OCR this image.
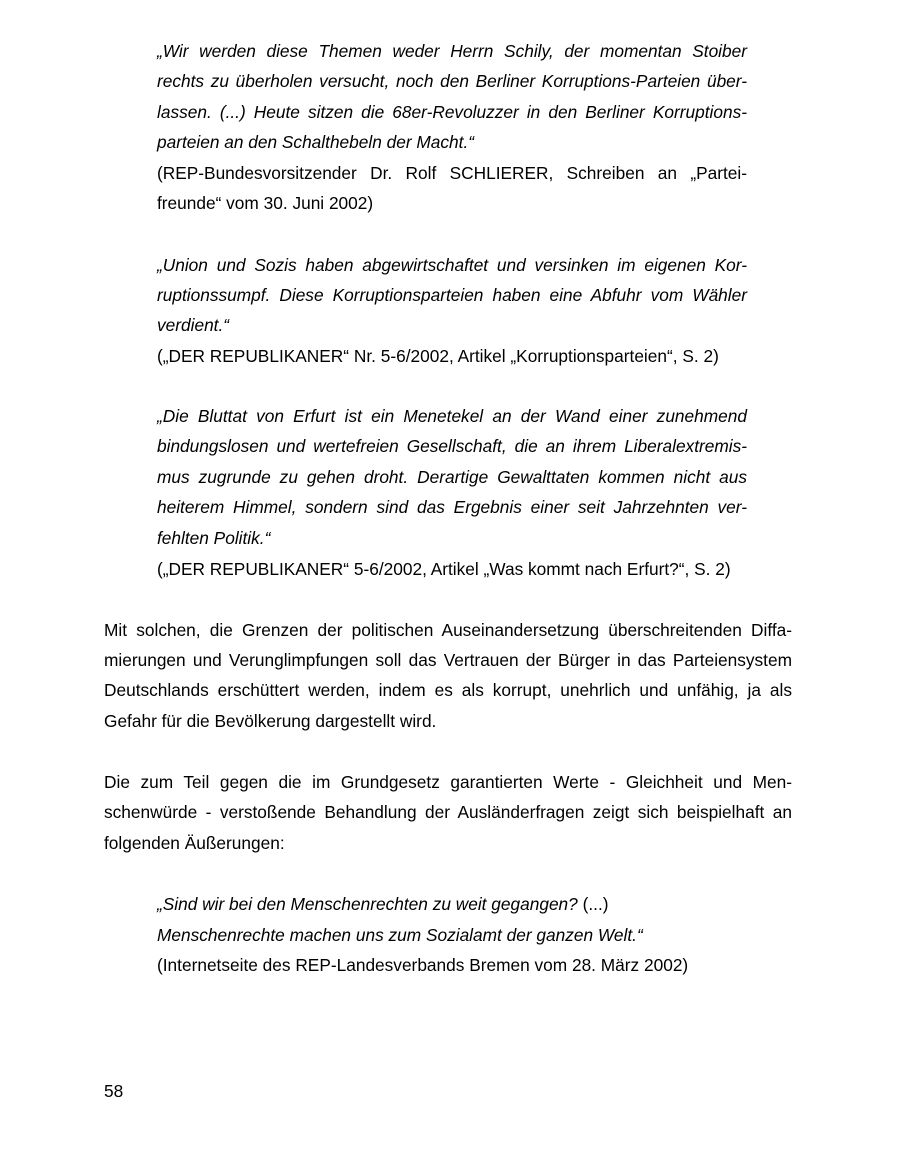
„Wir werden diese Themen weder Herrn Schily, der momentan Stoiber
rechts zu überholen versucht, noch den Berliner Korruptions-Parteien über-
lassen. (...) Heute sitzen die 68er-Revoluzzer in den Berliner Korruptions-
parteien an den Schalthebeln der Macht.“
(REP-Bundesvorsitzender Dr. Rolf SCHLIERER, Schreiben an „Partei-
freunde“ vom 30. Juni 2002)
„Union und Sozis haben abgewirtschaftet und versinken im eigenen Kor-
ruptionssumpf. Diese Korruptionsparteien haben eine Abfuhr vom Wähler
verdient.“
(„DER REPUBLIKANER“ Nr. 5-6/2002, Artikel „Korruptionsparteien“, S. 2)
„Die Bluttat von Erfurt ist ein Menetekel an der Wand einer zunehmend
bindungslosen und wertefreien Gesellschaft, die an ihrem Liberalextremis-
mus zugrunde zu gehen droht. Derartige Gewalttaten kommen nicht aus
heiterem Himmel, sondern sind das Ergebnis einer seit Jahrzehnten ver-
fehlten Politik.“
(„DER REPUBLIKANER“ 5-6/2002, Artikel „Was kommt nach Erfurt?“, S. 2)
Mit solchen, die Grenzen der politischen Auseinandersetzung überschreitenden Diffa-
mierungen und Verunglimpfungen soll das Vertrauen der Bürger in das Parteiensystem
Deutschlands erschüttert werden, indem es als korrupt, unehrlich und unfähig, ja als
Gefahr für die Bevölkerung dargestellt wird.
Die zum Teil gegen die im Grundgesetz garantierten Werte - Gleichheit und Men-
schenwürde - verstoßende Behandlung der Ausländerfragen zeigt sich beispielhaft an
folgenden Äußerungen:
„Sind wir bei den Menschenrechten zu weit gegangen? (...)
Menschenrechte machen uns zum Sozialamt der ganzen Welt.“
(Internetseite des REP-Landesverbands Bremen vom 28. März 2002)
58
